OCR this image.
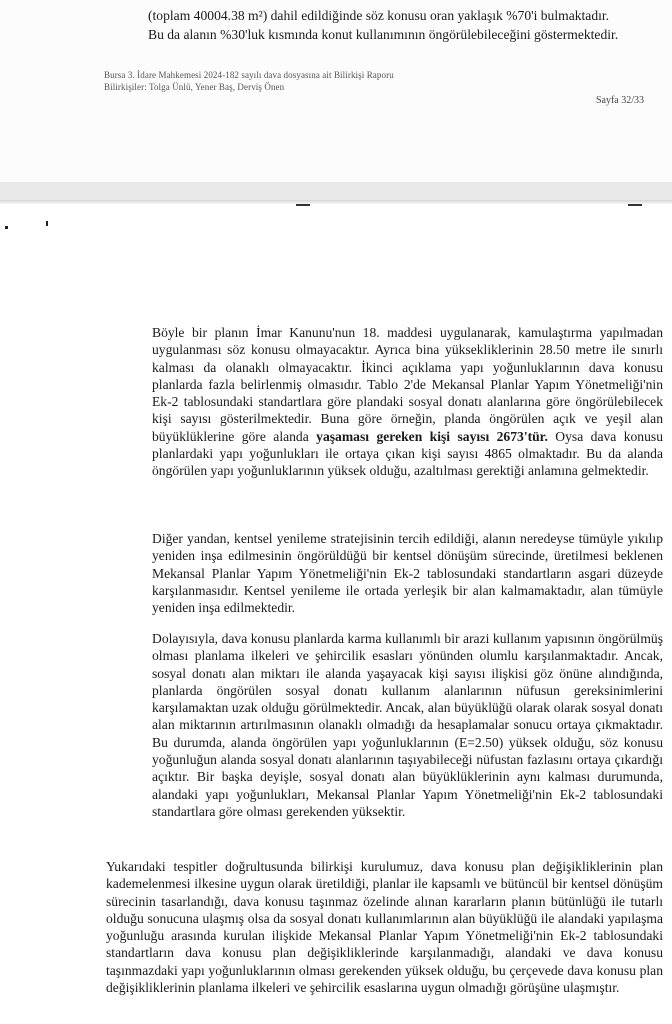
(toplam 40004.38 m²) dahil edildiğinde söz konusu oran yaklaşık %70'i bulmaktadır.
Bu da alanın %30'luk kısmında konut kullanımının öngörülebileceğini göstermektedir.

Bursa 3. İdare Mahkemesi 2024-182 sayılı dava dosyasına ait Bilirkişi Raporu
Bilirkişiler: Tolga Ünlü, Yener Baş, Derviş Önen
Sayfa 32/33

Böyle bir planın İmar Kanunu'nun 18. maddesi uygulanarak, kamulaştırma yapılmadan uygulanması söz konusu olmayacaktır. Ayrıca bina yüksekliklerinin 28.50 metre ile sınırlı kalması da olanaklı olmayacaktır. İkinci açıklama yapı yoğunluklarının dava konusu planlarda fazla belirlenmiş olmasıdır. Tablo 2'de Mekansal Planlar Yapım Yönetmeliği'nin Ek-2 tablosundaki standartlara göre plandaki sosyal donatı alanlarına göre öngörülebilecek kişi sayısı gösterilmektedir. Buna göre örneğin, planda öngörülen açık ve yeşil alan büyüklüklerine göre alanda yaşaması gereken kişi sayısı 2673'tür. Oysa dava konusu planlardaki yapı yoğunlukları ile ortaya çıkan kişi sayısı 4865 olmaktadır. Bu da alanda öngörülen yapı yoğunluklarının yüksek olduğu, azaltılması gerektiği anlamına gelmektedir.

Diğer yandan, kentsel yenileme stratejisinin tercih edildiği, alanın neredeyse tümüyle yıkılıp yeniden inşa edilmesinin öngörüldüğü bir kentsel dönüşüm sürecinde, üretilmesi beklenen Mekansal Planlar Yapım Yönetmeliği'nin Ek-2 tablosundaki standartların asgari düzeyde karşılanmasıdır. Kentsel yenileme ile ortada yerleşik bir alan kalmamaktadır, alan tümüyle yeniden inşa edilmektedir.

Dolayısıyla, dava konusu planlarda karma kullanımlı bir arazi kullanım yapısının öngörülmüş olması planlama ilkeleri ve şehircilik esasları yönünden olumlu karşılanmaktadır. Ancak, sosyal donatı alan miktarı ile alanda yaşayacak kişi sayısı ilişkisi göz önüne alındığında, planlarda öngörülen sosyal donatı kullanım alanlarının nüfusun gereksinimlerini karşılamaktan uzak olduğu görülmektedir. Ancak, alan büyüklüğü olarak olarak sosyal donatı alan miktarının artırılmasının olanaklı olmadığı da hesaplamalar sonucu ortaya çıkmaktadır. Bu durumda, alanda öngörülen yapı yoğunluklarının (E=2.50) yüksek olduğu, söz konusu yoğunluğun alanda sosyal donatı alanlarının taşıyabileceği nüfustan fazlasını ortaya çıkardığı açıktır. Bir başka deyişle, sosyal donatı alan büyüklüklerinin aynı kalması durumunda, alandaki yapı yoğunlukları, Mekansal Planlar Yapım Yönetmeliği'nin Ek-2 tablosundaki standartlara göre olması gerekenden yüksektir.

Yukarıdaki tespitler doğrultusunda bilirkişi kurulumuz, dava konusu plan değişikliklerinin plan kademelenmesi ilkesine uygun olarak üretildiği, planlar ile kapsamlı ve bütüncül bir kentsel dönüşüm sürecinin tasarlandığı, dava konusu taşınmaz özelinde alınan kararların planın bütünlüğü ile tutarlı olduğu sonucuna ulaşmış olsa da sosyal donatı kullanımlarının alan büyüklüğü ile alandaki yapılaşma yoğunluğu arasında kurulan ilişkide Mekansal Planlar Yapım Yönetmeliği'nin Ek-2 tablosundaki standartların dava konusu plan değişikliklerinde karşılanmadığı, alandaki ve dava konusu taşınmazdaki yapı yoğunluklarının olması gerekenden yüksek olduğu, bu çerçevede dava konusu plan değişikliklerinin planlama ilkeleri ve şehircilik esaslarına uygun olmadığı görüşüne ulaşmıştır.
